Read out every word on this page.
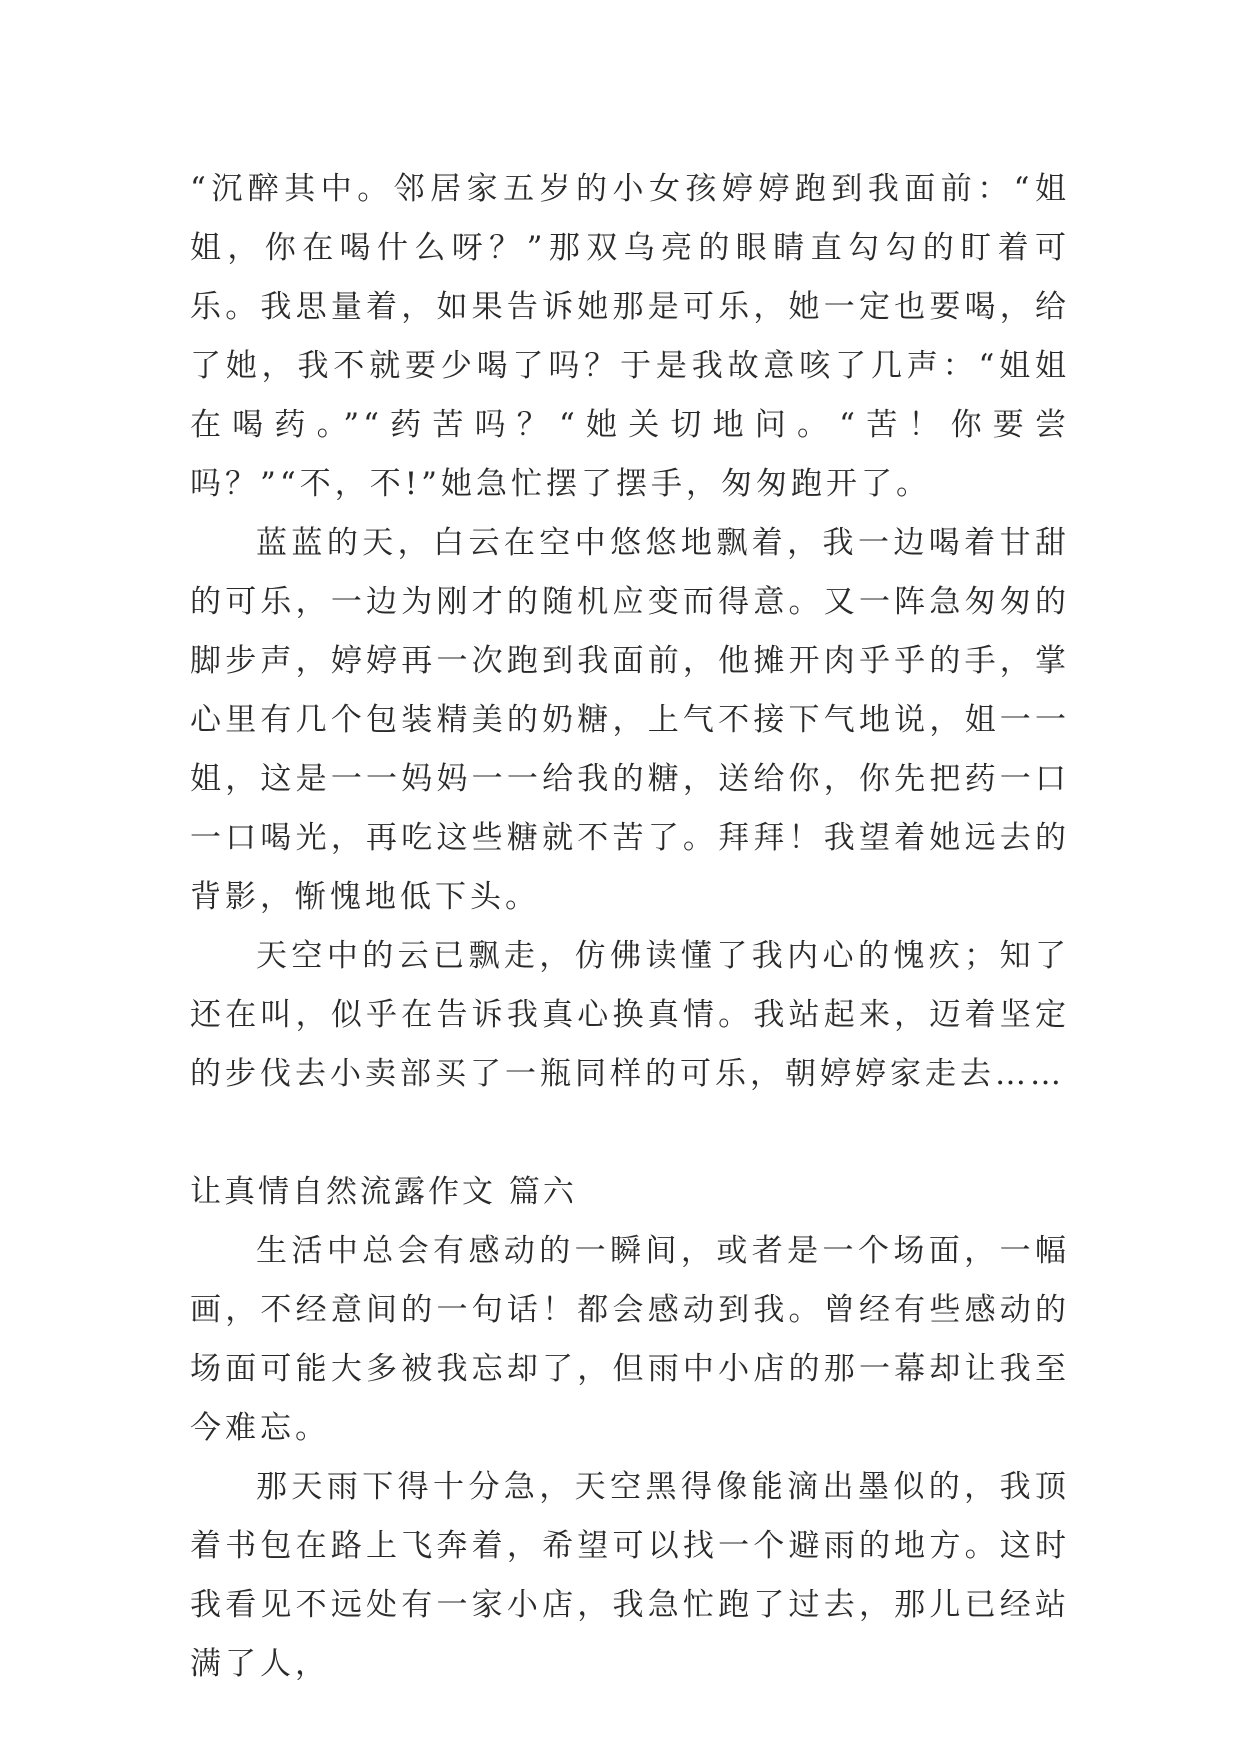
“沉醉其中。邻居家五岁的小女孩婷婷跑到我面前：“姐姐，你在喝什么呀？”那双乌亮的眼睛直勾勾的盯着可乐。我思量着，如果告诉她那是可乐，她一定也要喝，给了她，我不就要少喝了吗？于是我故意咳了几声：“姐姐在喝药。”“药苦吗？“她关切地问。“苦！你要尝吗？”“不，不!”她急忙摆了摆手，匆匆跑开了。

蓝蓝的天，白云在空中悠悠地飘着，我一边喝着甘甜的可乐，一边为刚才的随机应变而得意。又一阵急匆匆的脚步声，婷婷再一次跑到我面前，他摊开肉乎乎的手，掌心里有几个包装精美的奶糖，上气不接下气地说，姐一一姐，这是一一妈妈一一给我的糖，送给你，你先把药一口一口喝光，再吃这些糖就不苦了。拜拜！我望着她远去的背影，惭愧地低下头。

天空中的云已飘走，仿佛读懂了我内心的愧疚；知了还在叫，似乎在告诉我真心换真情。我站起来，迈着坚定的步伐去小卖部买了一瓶同样的可乐，朝婷婷家走去……

让真情自然流露作文 篇六

生活中总会有感动的一瞬间，或者是一个场面，一幅画，不经意间的一句话！都会感动到我。曾经有些感动的场面可能大多被我忘却了，但雨中小店的那一幕却让我至今难忘。

那天雨下得十分急，天空黑得像能滴出墨似的，我顶着书包在路上飞奔着，希望可以找一个避雨的地方。这时我看见不远处有一家小店，我急忙跑了过去，那儿已经站满了人，
